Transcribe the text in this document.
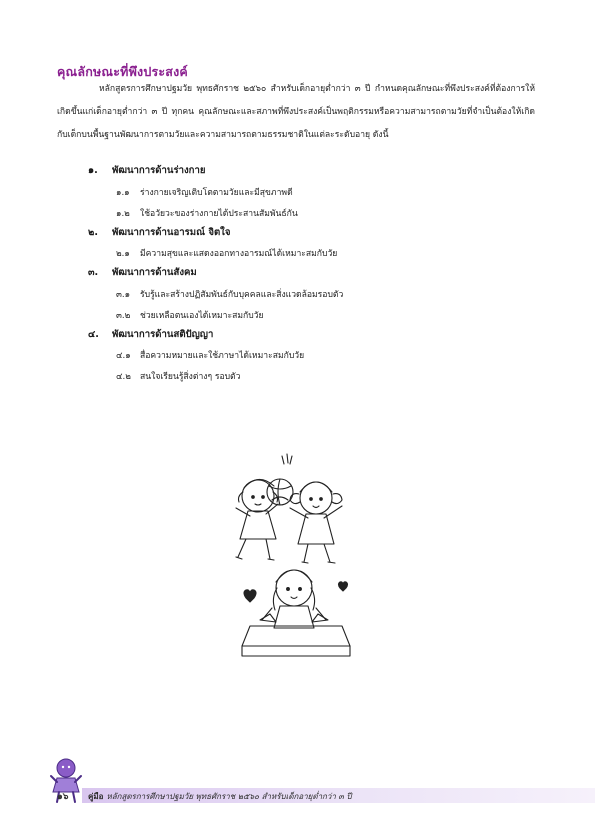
คุณลักษณะที่พึงประสงค์
หลักสูตรการศึกษาปฐมวัย พุทธศักราช ๒๕๖๐ สำหรับเด็กอายุต่ำกว่า ๓ ปี กำหนดคุณลักษณะที่พึงประสงค์ที่ต้องการให้เกิดขึ้นแก่เด็กอายุต่ำกว่า ๓ ปี ทุกคน คุณลักษณะและสภาพที่พึงประสงค์เป็นพฤติกรรมหรือความสามารถตามวัยที่จำเป็นต้องให้เกิดกับเด็กบนพื้นฐานพัฒนาการตามวัยและความสามารถตามธรรมชาติในแต่ละระดับอายุ ดังนี้
๑. พัฒนาการด้านร่างกาย
๑.๑ ร่างกายเจริญเติบโตตามวัยและมีสุขภาพดี
๑.๒ ใช้อวัยวะของร่างกายได้ประสานสัมพันธ์กัน
๒. พัฒนาการด้านอารมณ์ จิตใจ
๒.๑ มีความสุขและแสดงออกทางอารมณ์ได้เหมาะสมกับวัย
๓. พัฒนาการด้านสังคม
๓.๑ รับรู้และสร้างปฏิสัมพันธ์กับบุคคลและสิ่งแวดล้อมรอบตัว
๓.๒ ช่วยเหลือตนเองได้เหมาะสมกับวัย
๔. พัฒนาการด้านสติปัญญา
๔.๑ สื่อความหมายและใช้ภาษาได้เหมาะสมกับวัย
๔.๒ สนใจเรียนรู้สิ่งต่างๆ รอบตัว
๑๖ คู่มือ หลักสูตรการศึกษาปฐมวัย พุทธศักราช ๒๕๖๐ สำหรับเด็กอายุต่ำกว่า ๓ ปี
